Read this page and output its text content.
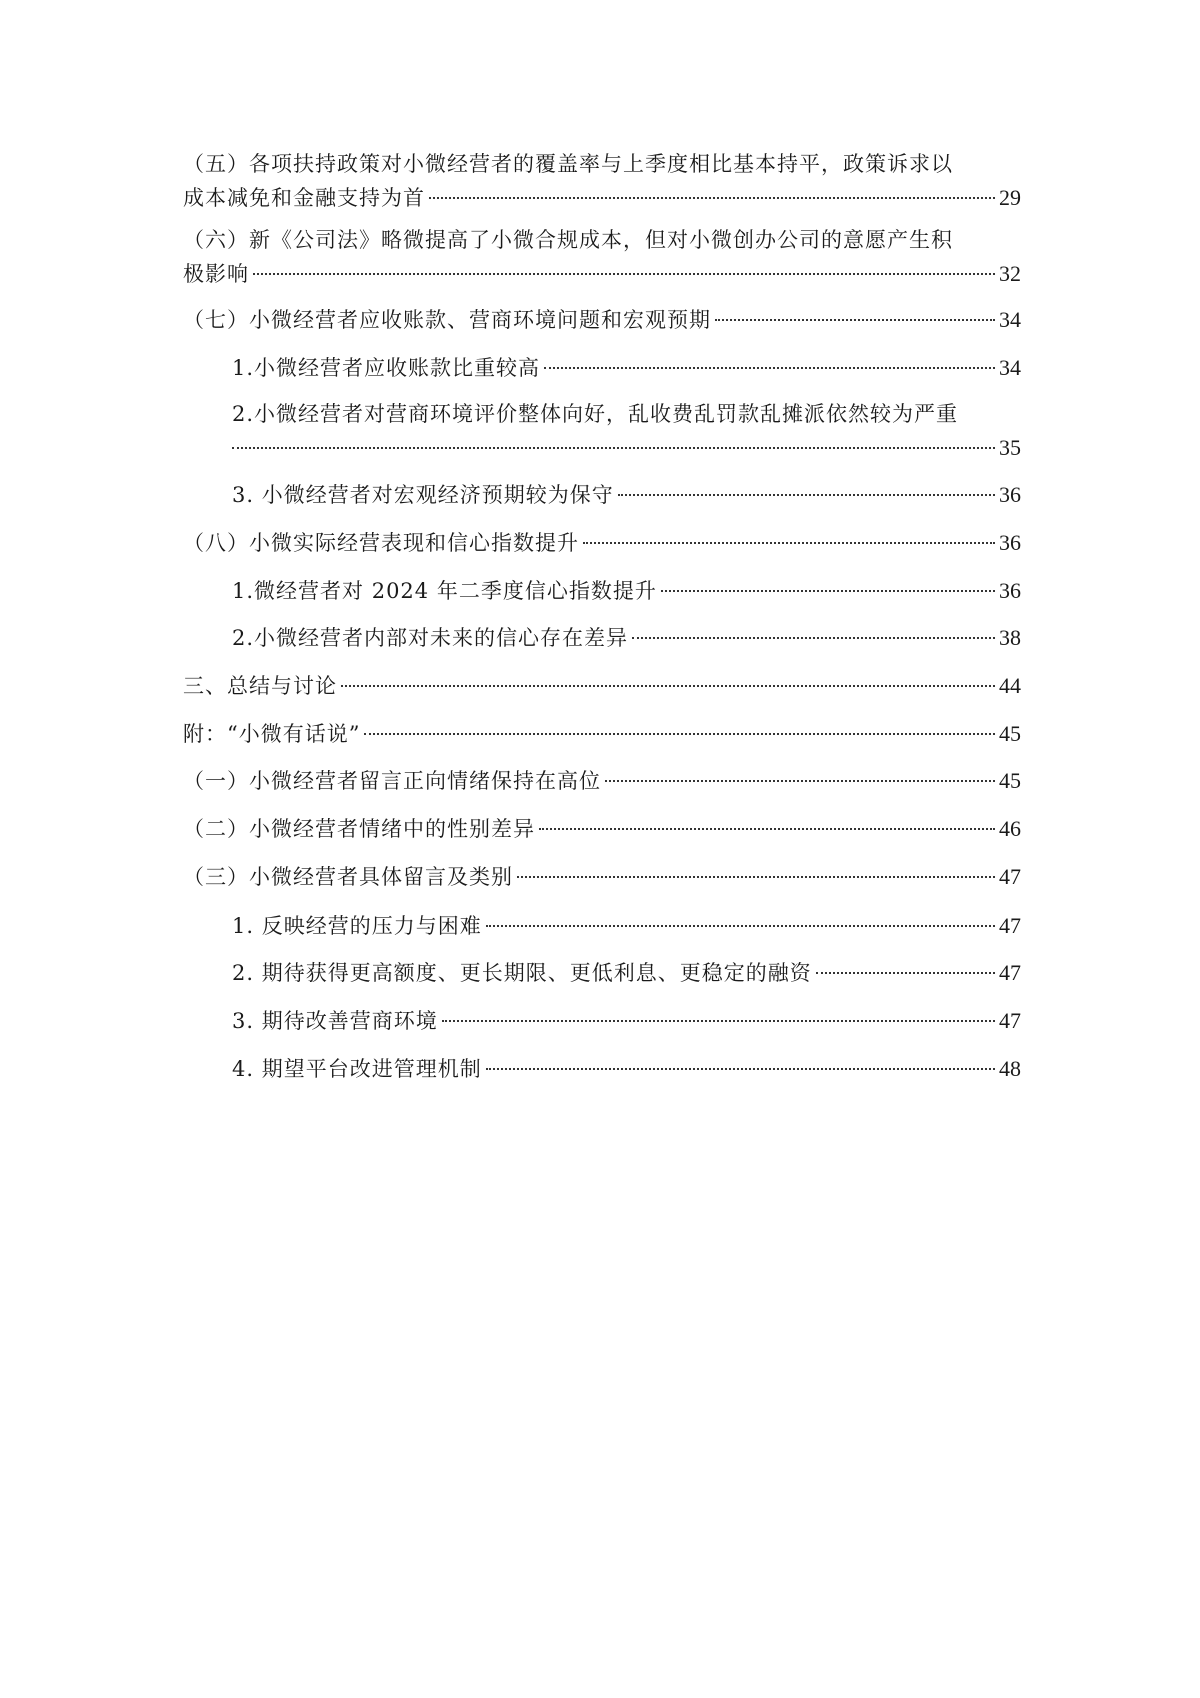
（五）各项扶持政策对小微经营者的覆盖率与上季度相比基本持平，政策诉求以
成本减免和金融支持为首	29
（六）新《公司法》略微提高了小微合规成本，但对小微创办公司的意愿产生积
极影响	32
（七）小微经营者应收账款、营商环境问题和宏观预期	34
1.小微经营者应收账款比重较高	34
2.小微经营者对营商环境评价整体向好，乱收费乱罚款乱摊派依然较为严重
35
3. 小微经营者对宏观经济预期较为保守	36
（八）小微实际经营表现和信心指数提升	36
1.微经营者对 2024 年二季度信心指数提升	36
2.小微经营者内部对未来的信心存在差异	38
三、总结与讨论	44
附：“小微有话说”	45
（一）小微经营者留言正向情绪保持在高位	45
（二）小微经营者情绪中的性别差异	46
（三）小微经营者具体留言及类别	47
1. 反映经营的压力与困难	47
2. 期待获得更高额度、更长期限、更低利息、更稳定的融资	47
3. 期待改善营商环境	47
4. 期望平台改进管理机制	48
